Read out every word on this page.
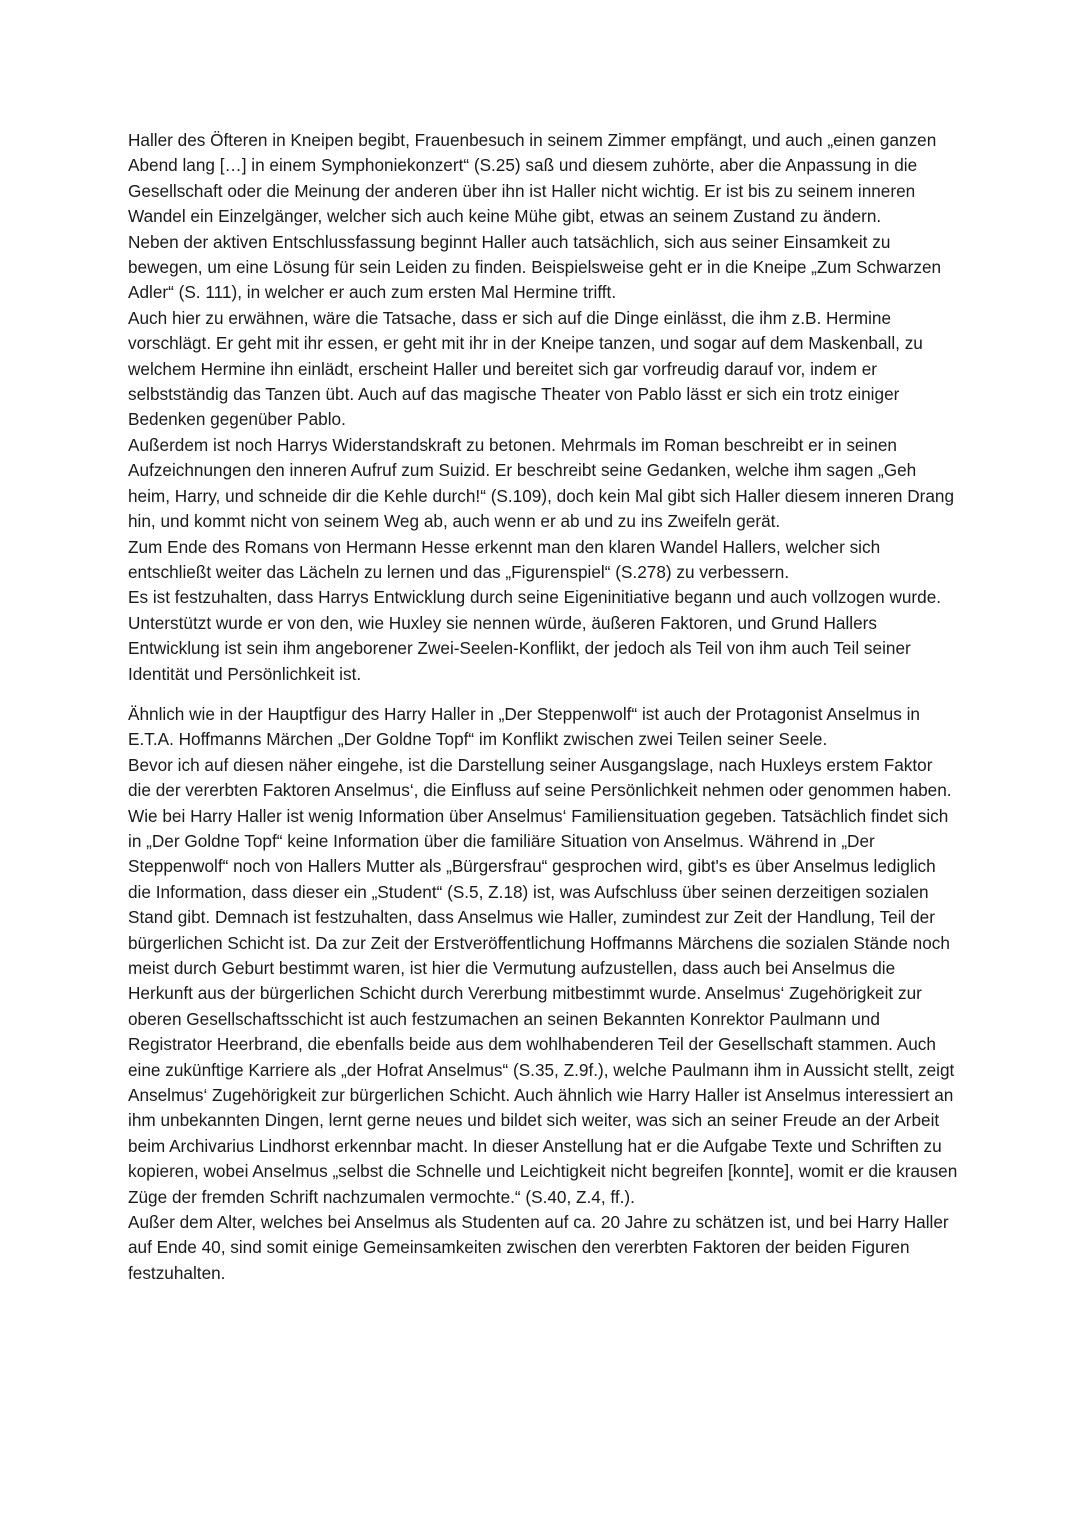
Haller des Öfteren in Kneipen begibt, Frauenbesuch in seinem Zimmer empfängt, und auch „einen ganzen Abend lang […] in einem Symphoniekonzert“ (S.25) saß und diesem zuhörte, aber die Anpassung in die Gesellschaft oder die Meinung der anderen über ihn ist Haller nicht wichtig. Er ist bis zu seinem inneren Wandel ein Einzelgänger, welcher sich auch keine Mühe gibt, etwas an seinem Zustand zu ändern.

Neben der aktiven Entschlussfassung beginnt Haller auch tatsächlich, sich aus seiner Einsamkeit zu bewegen, um eine Lösung für sein Leiden zu finden. Beispielsweise geht er in die Kneipe „Zum Schwarzen Adler“ (S. 111), in welcher er auch zum ersten Mal Hermine trifft.

Auch hier zu erwähnen, wäre die Tatsache, dass er sich auf die Dinge einlässt, die ihm z.B. Hermine vorschlägt. Er geht mit ihr essen, er geht mit ihr in der Kneipe tanzen, und sogar auf dem Maskenball, zu welchem Hermine ihn einlädt, erscheint Haller und bereitet sich gar vorfreudig darauf vor, indem er selbstständig das Tanzen übt. Auch auf das magische Theater von Pablo lässt er sich ein trotz einiger Bedenken gegenüber Pablo.

Außerdem ist noch Harrys Widerstandskraft zu betonen. Mehrmals im Roman beschreibt er in seinen Aufzeichnungen den inneren Aufruf zum Suizid. Er beschreibt seine Gedanken, welche ihm sagen „Geh heim, Harry, und schneide dir die Kehle durch!“ (S.109), doch kein Mal gibt sich Haller diesem inneren Drang hin, und kommt nicht von seinem Weg ab, auch wenn er ab und zu ins Zweifeln gerät.

Zum Ende des Romans von Hermann Hesse erkennt man den klaren Wandel Hallers, welcher sich entschließt weiter das Lächeln zu lernen und das „Figurenspiel“ (S.278) zu verbessern.

Es ist festzuhalten, dass Harrys Entwicklung durch seine Eigeninitiative begann und auch vollzogen wurde. Unterstützt wurde er von den, wie Huxley sie nennen würde, äußeren Faktoren, und Grund Hallers Entwicklung ist sein ihm angeborener Zwei-Seelen-Konflikt, der jedoch als Teil von ihm auch Teil seiner Identität und Persönlichkeit ist.

Ähnlich wie in der Hauptfigur des Harry Haller in „Der Steppenwolf“ ist auch der Protagonist Anselmus in E.T.A. Hoffmanns Märchen „Der Goldne Topf“ im Konflikt zwischen zwei Teilen seiner Seele.

Bevor ich auf diesen näher eingehe, ist die Darstellung seiner Ausgangslage, nach Huxleys erstem Faktor die der vererbten Faktoren Anselmus‘, die Einfluss auf seine Persönlichkeit nehmen oder genommen haben.

Wie bei Harry Haller ist wenig Information über Anselmus‘ Familiensituation gegeben. Tatsächlich findet sich in „Der Goldne Topf“ keine Information über die familiäre Situation von Anselmus. Während in „Der Steppenwolf“ noch von Hallers Mutter als „Bürgersfrau“ gesprochen wird, gibt's es über Anselmus lediglich die Information, dass dieser ein „Student“ (S.5, Z.18) ist, was Aufschluss über seinen derzeitigen sozialen Stand gibt. Demnach ist festzuhalten, dass Anselmus wie Haller, zumindest zur Zeit der Handlung, Teil der bürgerlichen Schicht ist. Da zur Zeit der Erstveröffentlichung Hoffmanns Märchens die sozialen Stände noch meist durch Geburt bestimmt waren, ist hier die Vermutung aufzustellen, dass auch bei Anselmus die Herkunft aus der bürgerlichen Schicht durch Vererbung mitbestimmt wurde. Anselmus‘ Zugehörigkeit zur oberen Gesellschaftsschicht ist auch festzumachen an seinen Bekannten Konrektor Paulmann und Registrator Heerbrand, die ebenfalls beide aus dem wohlhabenderen Teil der Gesellschaft stammen. Auch eine zukünftige Karriere als „der Hofrat Anselmus“ (S.35, Z.9f.), welche Paulmann ihm in Aussicht stellt, zeigt Anselmus‘ Zugehörigkeit zur bürgerlichen Schicht. Auch ähnlich wie Harry Haller ist Anselmus interessiert an ihm unbekannten Dingen, lernt gerne neues und bildet sich weiter, was sich an seiner Freude an der Arbeit beim Archivarius Lindhorst erkennbar macht. In dieser Anstellung hat er die Aufgabe Texte und Schriften zu kopieren, wobei Anselmus „selbst die Schnelle und Leichtigkeit nicht begreifen [konnte], womit er die krausen Züge der fremden Schrift nachzumalen vermochte.“ (S.40, Z.4, ff.).

Außer dem Alter, welches bei Anselmus als Studenten auf ca. 20 Jahre zu schätzen ist, und bei Harry Haller auf Ende 40, sind somit einige Gemeinsamkeiten zwischen den vererbten Faktoren der beiden Figuren festzuhalten.
